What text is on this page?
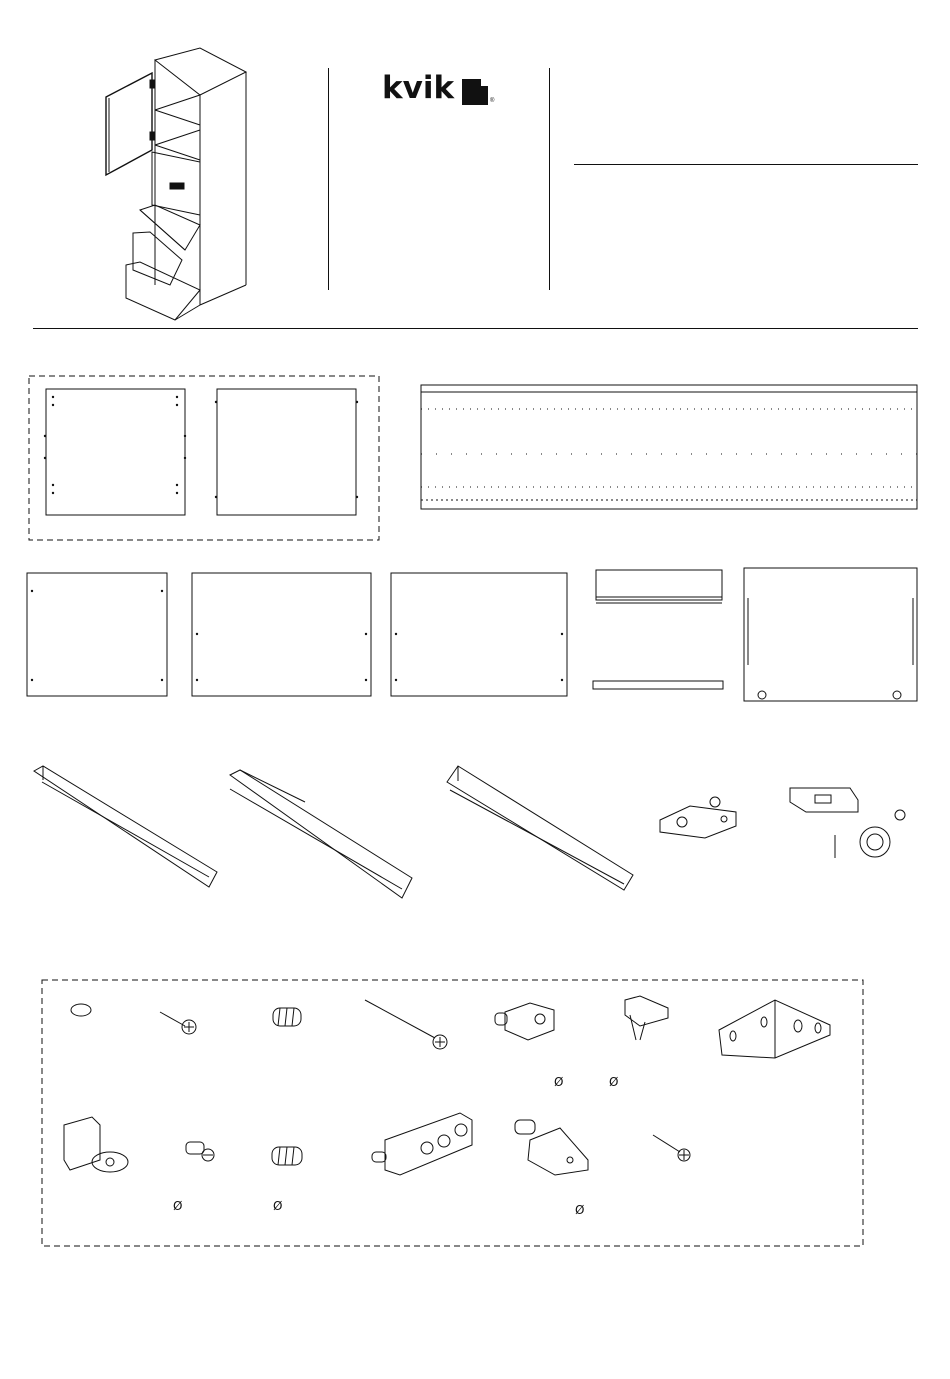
kvik	®
Ø	Ø
Ø	Ø	Ø
